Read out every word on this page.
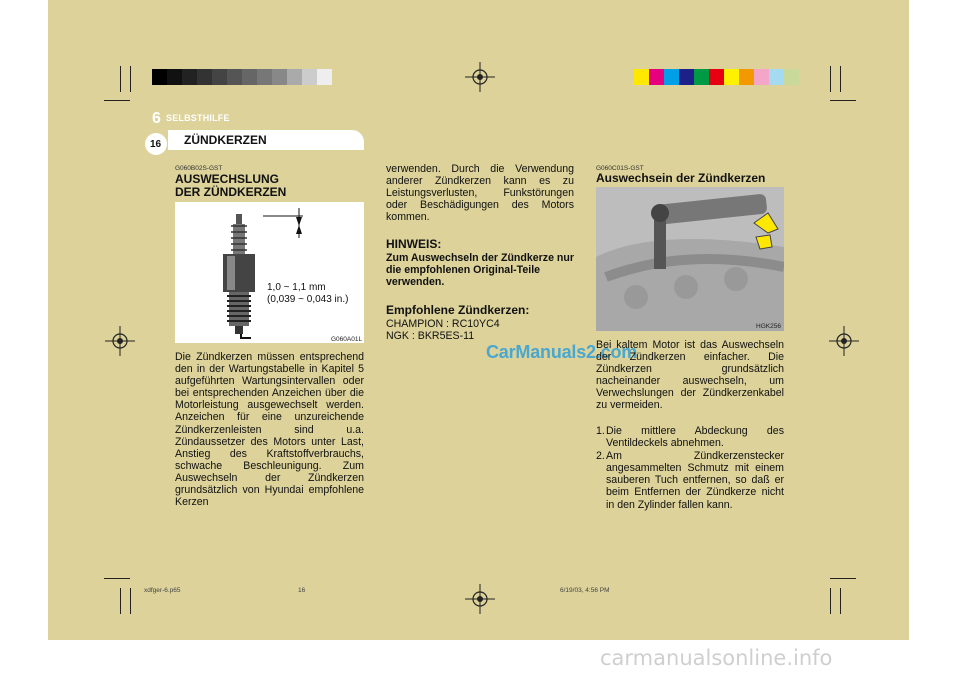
6 SELBSTHILFE
16 ZÜNDKERZEN
G060B02S-GST
AUSWECHSLUNG
DER ZÜNDKERZEN
1,0 ~ 1,1 mm
(0,039 ~ 0,043 in.)
G060A01L
Die Zündkerzen müssen entsprechend den in der Wartungstabelle in Kapitel 5 aufgeführten Wartungsintervallen oder bei entsprechenden Anzeichen über die Motorleistung ausgewechselt werden. Anzeichen für eine unzureichende Zündkerzenleisten sind u.a. Zündaussetzer des Motors unter Last, Anstieg des Kraftstoffverbrauchs, schwache Beschleunigung. Zum Auswechseln der Zündkerzen grundsätzlich von Hyundai empfohlene Kerzen
verwenden. Durch die Verwendung anderer Zündkerzen kann es zu Leistungsverlusten, Funkstörungen oder Beschädigungen des Motors kommen.
HINWEIS:
Zum Auswechseln der Zündkerze nur die empfohlenen Original-Teile verwenden.
Empfohlene Zündkerzen:
CHAMPION : RC10YC4
NGK : BKR5ES-11
CarManuals2.com
G060C01S-GST
Auswechsein der Zündkerzen
HGK256
Bei kaltem Motor ist das Auswechseln der Zündkerzen einfacher. Die Zündkerzen grundsätzlich nacheinander auswechseln, um Verwechslungen der Zündkerzenkabel zu vermeiden.
1. Die mittlere Abdeckung des Ventildeckels abnehmen.
2. Am Zündkerzenstecker angesammelten Schmutz mit einem sauberen Tuch entfernen, so daß er beim Entfernen der Zündkerze nicht in den Zylinder fallen kann.
xdfger-6.p65	16	6/19/03, 4:56 PM
carmanualsonline.info
